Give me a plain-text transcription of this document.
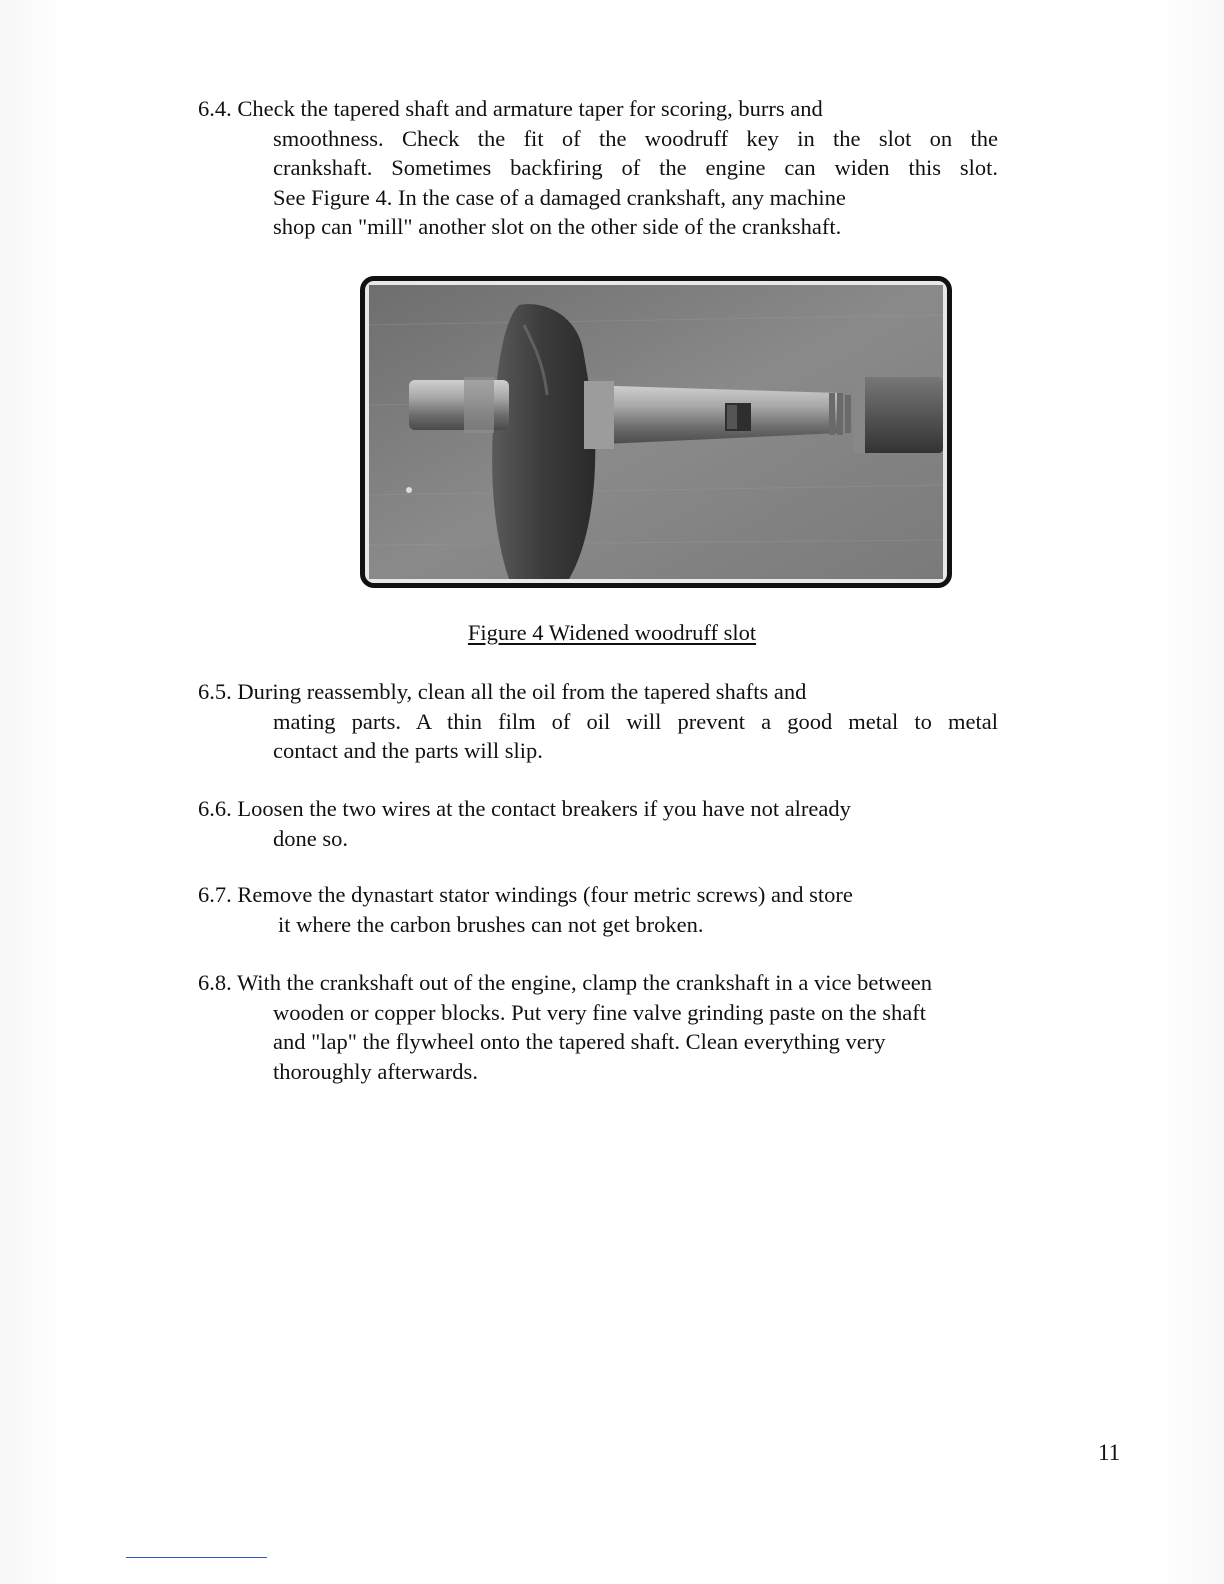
6.4. Check the tapered shaft and armature taper for scoring, burrs and
smoothness. Check the fit of the woodruff key in the slot on the
crankshaft. Sometimes backfiring of the engine can widen this slot.
See Figure 4. In the case of a damaged crankshaft, any machine
shop can "mill" another slot on the other side of the crankshaft.
Figure 4 Widened woodruff slot
6.5. During reassembly, clean all the oil from the tapered shafts and
mating parts. A thin film of oil will prevent a good metal to metal
contact and the parts will slip.
6.6. Loosen the two wires at the contact breakers if you have not already
done so.
6.7. Remove the dynastart stator windings (four metric screws) and store
it where the carbon brushes can not get broken.
6.8. With the crankshaft out of the engine, clamp the crankshaft in a vice between
wooden or copper blocks. Put very fine valve grinding paste on the shaft
and "lap" the flywheel onto the tapered shaft. Clean everything very
thoroughly afterwards.
11
